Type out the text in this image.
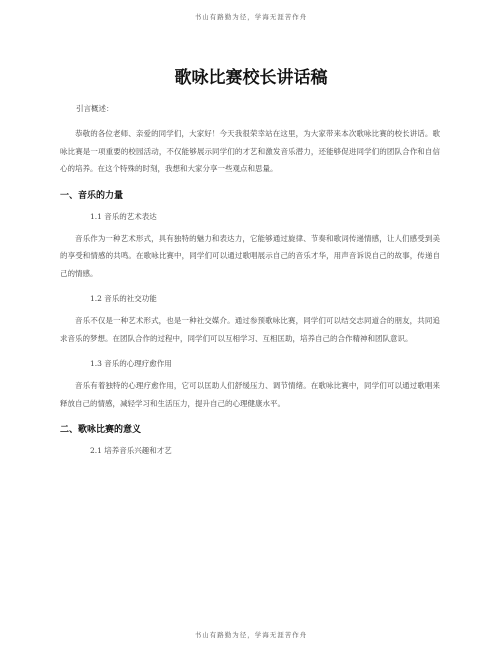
书山有路勤为径，学海无涯苦作舟
歌咏比赛校长讲话稿

引言概述：

恭敬的各位老师、亲爱的同学们，大家好！今天我很荣幸站在这里，为大家带来本次歌咏比赛的校长讲话。歌咏比赛是一项重要的校园活动，不仅能够展示同学们的才艺和激发音乐潜力，还能够促进同学们的团队合作和自信心的培养。在这个特殊的时刻，我想和大家分享一些观点和思量。

一、音乐的力量

1.1 音乐的艺术表达

音乐作为一种艺术形式，具有独特的魅力和表达力，它能够通过旋律、节奏和歌词传递情感，让人们感受到美的享受和情感的共鸣。在歌咏比赛中，同学们可以通过歌唱展示自己的音乐才华，用声音诉说自己的故事，传递自己的情感。

1.2 音乐的社交功能

音乐不仅是一种艺术形式，也是一种社交媒介。通过参预歌咏比赛，同学们可以结交志同道合的朋友，共同追求音乐的梦想。在团队合作的过程中，同学们可以互相学习、互相匡助，培养自己的合作精神和团队意识。

1.3 音乐的心理疗愈作用

音乐有着独特的心理疗愈作用，它可以匡助人们舒缓压力、调节情绪。在歌咏比赛中，同学们可以通过歌唱来释放自己的情感，减轻学习和生活压力，提升自己的心理健康水平。

二、歌咏比赛的意义

2.1 培养音乐兴趣和才艺

书山有路勤为径，学海无涯苦作舟
